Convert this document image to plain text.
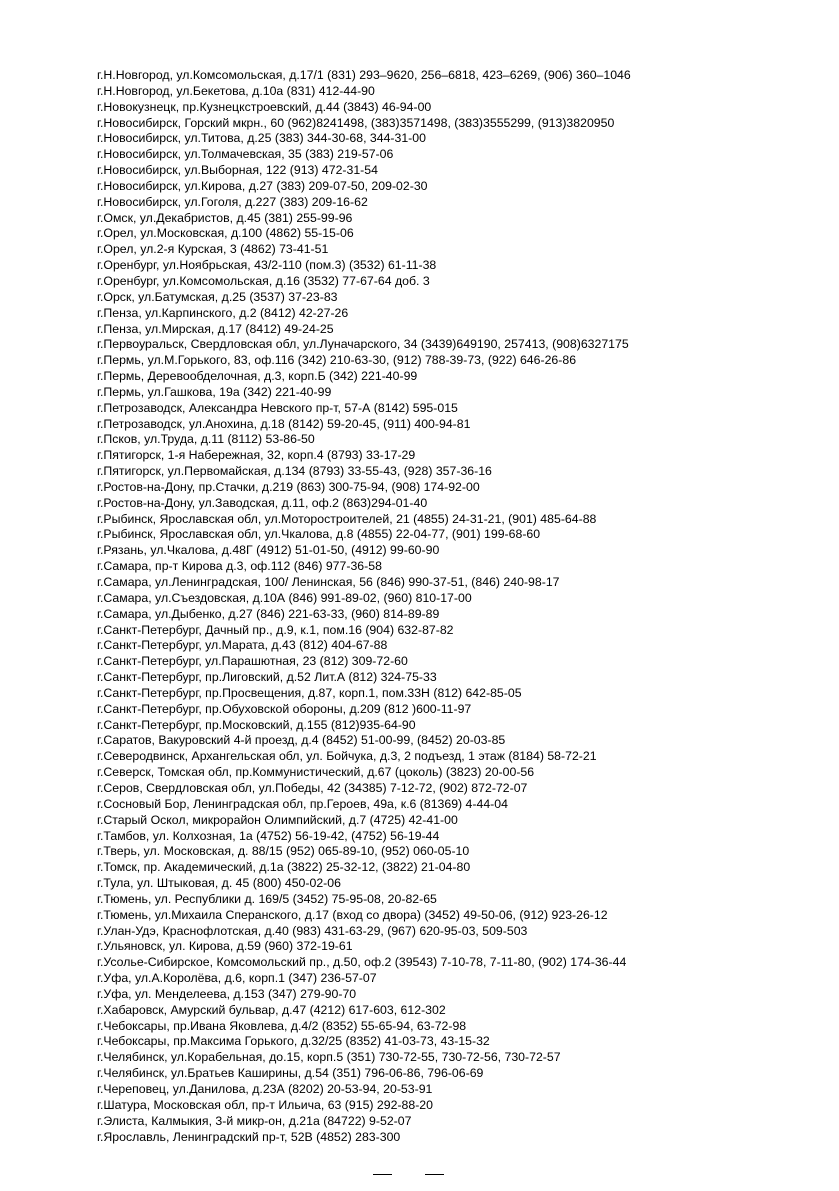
г.Н.Новгород, ул.Комсомольская, д.17/1 (831) 293–9620, 256–6818, 423–6269, (906) 360–1046
г.Н.Новгород, ул.Бекетова, д.10а (831) 412-44-90
г.Новокузнецк, пр.Кузнецкстроевский, д.44 (3843) 46-94-00
г.Новосибирск, Горский мкрн., 60 (962)8241498, (383)3571498, (383)3555299, (913)3820950
г.Новосибирск, ул.Титова, д.25 (383) 344-30-68, 344-31-00
г.Новосибирск, ул.Толмачевская, 35 (383) 219-57-06
г.Новосибирск, ул.Выборная, 122 (913) 472-31-54
г.Новосибирск, ул.Кирова, д.27 (383) 209-07-50, 209-02-30
г.Новосибирск, ул.Гоголя, д.227 (383) 209-16-62
г.Омск, ул.Декабристов, д.45 (381) 255-99-96
г.Орел, ул.Московская, д.100 (4862) 55-15-06
г.Орел, ул.2-я Курская, 3 (4862) 73-41-51
г.Оренбург, ул.Ноябрьская, 43/2-110 (пом.3) (3532) 61-11-38
г.Оренбург, ул.Комсомольская, д.16 (3532) 77-67-64 доб. 3
г.Орск, ул.Батумская, д.25 (3537) 37-23-83
г.Пенза, ул.Карпинского, д.2 (8412) 42-27-26
г.Пенза, ул.Мирская, д.17 (8412) 49-24-25
г.Первоуральск, Свердловская обл, ул.Луначарского, 34 (3439)649190, 257413, (908)6327175
г.Пермь, ул.М.Горького, 83, оф.116 (342) 210-63-30, (912) 788-39-73, (922) 646-26-86
г.Пермь, Деревообделочная, д.3, корп.Б (342) 221-40-99
г.Пермь, ул.Гашкова, 19а (342) 221-40-99
г.Петрозаводск, Александра Невского пр-т, 57-А (8142) 595-015
г.Петрозаводск, ул.Анохина, д.18 (8142) 59-20-45, (911) 400-94-81
г.Псков, ул.Труда, д.11 (8112) 53-86-50
г.Пятигорск, 1-я Набережная, 32, корп.4 (8793) 33-17-29
г.Пятигорск, ул.Первомайская, д.134 (8793) 33-55-43, (928) 357-36-16
г.Ростов-на-Дону, пр.Стачки, д.219 (863) 300-75-94, (908) 174-92-00
г.Ростов-на-Дону, ул.Заводская, д.11, оф.2 (863)294-01-40
г.Рыбинск, Ярославская обл, ул.Моторостроителей, 21 (4855) 24-31-21, (901) 485-64-88
г.Рыбинск, Ярославская обл, ул.Чкалова, д.8 (4855) 22-04-77, (901) 199-68-60
г.Рязань, ул.Чкалова, д.48Г (4912) 51-01-50, (4912) 99-60-90
г.Самара, пр-т Кирова д.3, оф.112 (846) 977-36-58
г.Самара, ул.Ленинградская, 100/ Ленинская, 56 (846) 990-37-51, (846) 240-98-17
г.Самара, ул.Съездовская, д.10А (846) 991-89-02, (960) 810-17-00
г.Самара, ул.Дыбенко, д.27 (846) 221-63-33, (960) 814-89-89
г.Санкт-Петербург, Дачный пр., д.9, к.1, пом.16 (904) 632-87-82
г.Санкт-Петербург, ул.Марата, д.43 (812) 404-67-88
г.Санкт-Петербург, ул.Парашютная, 23 (812) 309-72-60
г.Санкт-Петербург, пр.Лиговский, д.52 Лит.А (812) 324-75-33
г.Санкт-Петербург, пр.Просвещения, д.87, корп.1, пом.33Н (812) 642-85-05
г.Санкт-Петербург, пр.Обуховской обороны, д.209 (812 )600-11-97
г.Санкт-Петербург, пр.Московский, д.155 (812)935-64-90
г.Саратов, Вакуровский 4-й проезд, д.4 (8452) 51-00-99, (8452) 20-03-85
г.Северодвинск, Архангельская обл, ул. Бойчука, д.3, 2 подъезд, 1 этаж (8184) 58-72-21
г.Северск, Томская обл, пр.Коммунистический, д.67 (цоколь) (3823) 20-00-56
г.Серов, Свердловская обл, ул.Победы, 42 (34385) 7-12-72, (902) 872-72-07
г.Сосновый Бор, Ленинградская обл, пр.Героев, 49а, к.6 (81369) 4-44-04
г.Старый Оскол, микрорайон Олимпийский, д.7 (4725) 42-41-00
г.Тамбов, ул. Колхозная, 1а (4752) 56-19-42, (4752) 56-19-44
г.Тверь, ул. Московская, д. 88/15 (952) 065-89-10, (952) 060-05-10
г.Томск, пр. Академический, д.1а (3822) 25-32-12, (3822) 21-04-80
г.Тула, ул. Штыковая, д. 45 (800) 450-02-06
г.Тюмень, ул. Республики д. 169/5 (3452) 75-95-08, 20-82-65
г.Тюмень, ул.Михаила Сперанского, д.17 (вход со двора) (3452) 49-50-06, (912) 923-26-12
г.Улан-Удэ, Краснофлотская, д.40 (983) 431-63-29, (967) 620-95-03, 509-503
г.Ульяновск, ул. Кирова, д.59 (960) 372-19-61
г.Усолье-Сибирское, Комсомольский пр., д.50, оф.2 (39543) 7-10-78, 7-11-80, (902) 174-36-44
г.Уфа, ул.А.Королёва, д.6, корп.1 (347) 236-57-07
г.Уфа, ул. Менделеева, д.153 (347) 279-90-70
г.Хабаровск, Амурский бульвар, д.47 (4212) 617-603, 612-302
г.Чебоксары, пр.Ивана Яковлева, д.4/2 (8352) 55-65-94, 63-72-98
г.Чебоксары, пр.Максима Горького, д.32/25 (8352) 41-03-73, 43-15-32
г.Челябинск, ул.Корабельная, до.15, корп.5 (351) 730-72-55, 730-72-56, 730-72-57
г.Челябинск, ул.Братьев Каширины, д.54 (351) 796-06-86, 796-06-69
г.Череповец, ул.Данилова, д.23А (8202) 20-53-94, 20-53-91
г.Шатура, Московская обл, пр-т Ильича, 63 (915) 292-88-20
г.Элиста, Калмыкия, 3-й микр-он, д.21а (84722) 9-52-07
г.Ярославль, Ленинградский пр-т, 52В (4852) 283-300
